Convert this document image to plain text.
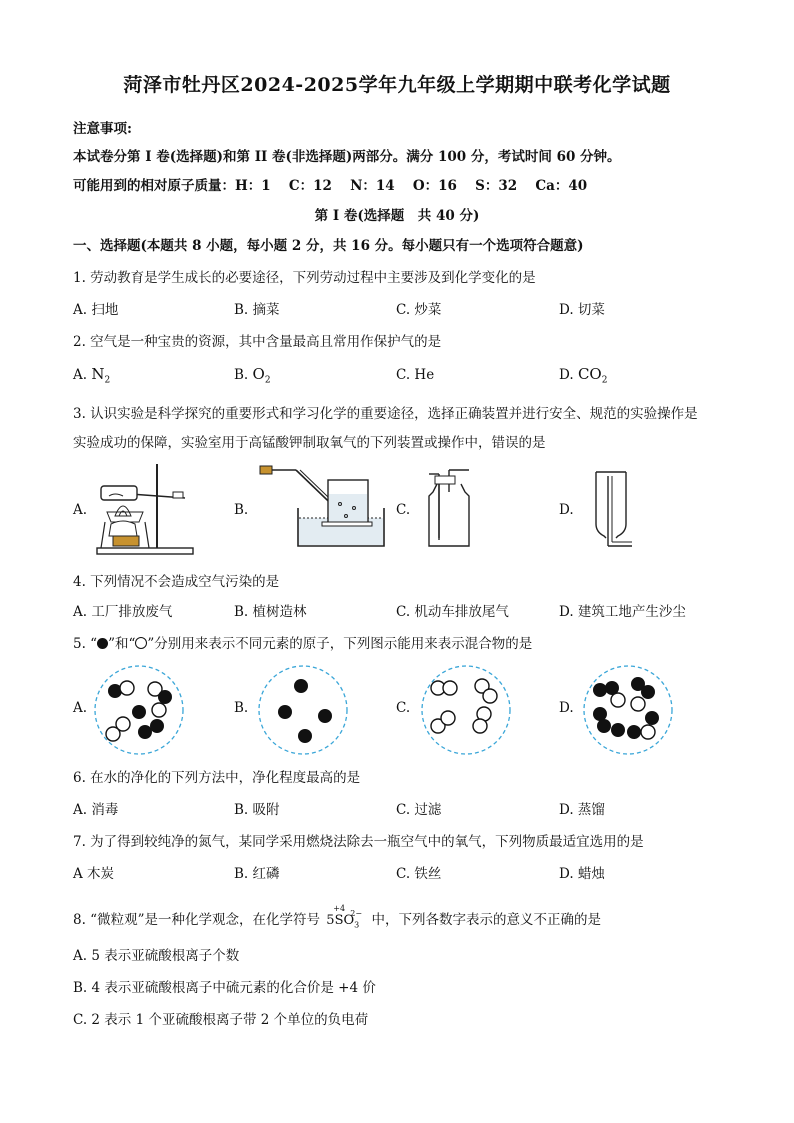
菏泽市牡丹区2024-2025学年九年级上学期期中联考化学试题
注意事项:
本试卷分第 I 卷(选择题)和第 II 卷(非选择题)两部分。满分 100 分，考试时间 60 分钟。
可能用到的相对原子质量：H：1　 C：12　 N：14　 O：16　 S：32　 Ca：40
第 I 卷(选择题　共 40 分)
一、选择题(本题共 8 小题，每小题 2 分，共 16 分。每小题只有一个选项符合题意)
1. 劳动教育是学生成长的必要途径，下列劳动过程中主要涉及到化学变化的是
A. 扫地	B. 摘菜	C. 炒菜	D. 切菜
2. 空气是一种宝贵的资源，其中含量最高且常用作保护气的是
A. $N_2$	B. $O_2$	C. He	D. $CO_2$
3. 认识实验是科学探究的重要形式和学习化学的重要途径，选择正确装置并进行安全、规范的实验操作是
实验成功的保障，实验室用于高锰酸钾制取氧气的下列装置或操作中，错误的是
A.	B.	C.	D.
4. 下列情况不会造成空气污染的是
A. 工厂排放废气	B. 植树造林	C. 机动车排放尾气	D. 建筑工地产生沙尘
5. “ ”和“ ”分别用来表示不同元素的原子，下列图示能用来表示混合物的是
A.	B.	C.	D.
6. 在水的净化的下列方法中，净化程度最高的是
A. 消毒	B. 吸附	C. 过滤	D. 蒸馏
7. 为了得到较纯净的氮气，某同学采用燃烧法除去一瓶空气中的氧气，下列物质最适宜选用的是
A 木炭	B. 红磷	C. 铁丝	D. 蜡烛
8. “微粒观”是一种化学观念，在化学符号 5S
+4
$O_3$
2− 中，下列各数字表示的意义不正确的是
A. 5 表示亚硫酸根离子个数
B. 4 表示亚硫酸根离子中硫元素的化合价是 +4 价
C. 2 表示 1 个亚硫酸根离子带 2 个单位的负电荷
